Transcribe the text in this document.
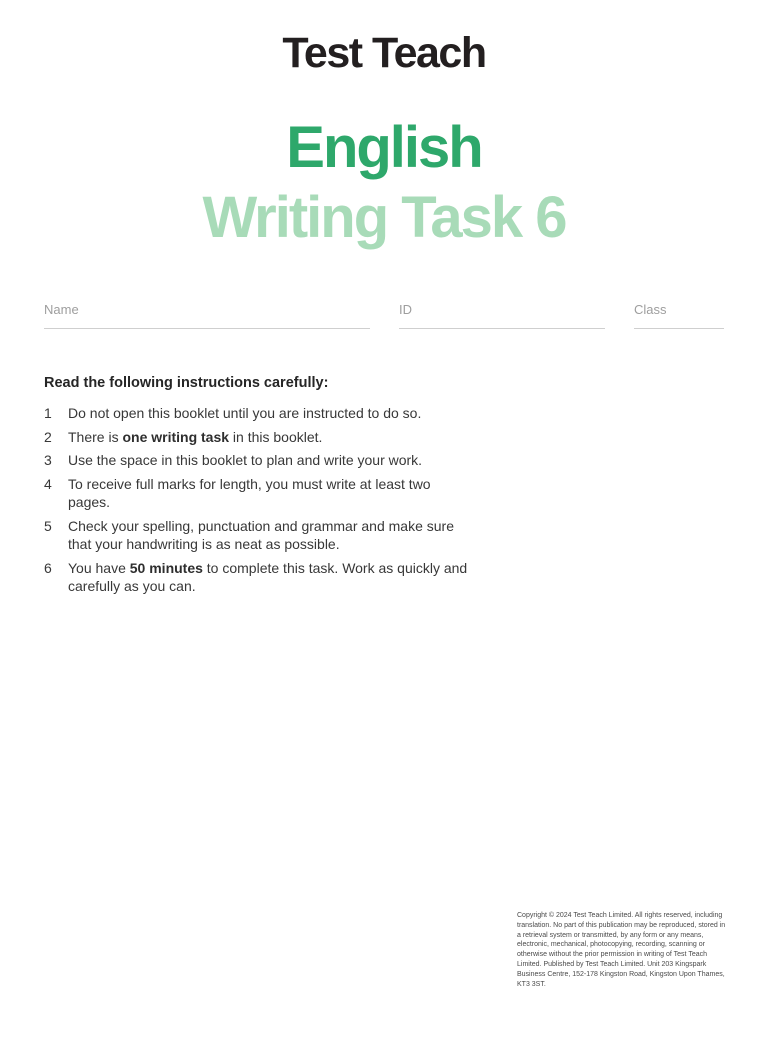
Test Teach
English
Writing Task 6
Name	ID	Class
Read the following instructions carefully:
1	Do not open this booklet until you are instructed to do so.
2	There is one writing task in this booklet.
3	Use the space in this booklet to plan and write your work.
4	To receive full marks for length, you must write at least two pages.
5	Check your spelling, punctuation and grammar and make sure that your handwriting is as neat as possible.
6	You have 50 minutes to complete this task. Work as quickly and carefully as you can.
Copyright © 2024 Test Teach Limited. All rights reserved, including translation. No part of this publication may be reproduced, stored in a retrieval system or transmitted, by any form or any means, electronic, mechanical, photocopying, recording, scanning or otherwise without the prior permission in writing of Test Teach Limited. Published by Test Teach Limited. Unit 203 Kingspark Business Centre, 152-178 Kingston Road, Kingston Upon Thames, KT3 3ST.
